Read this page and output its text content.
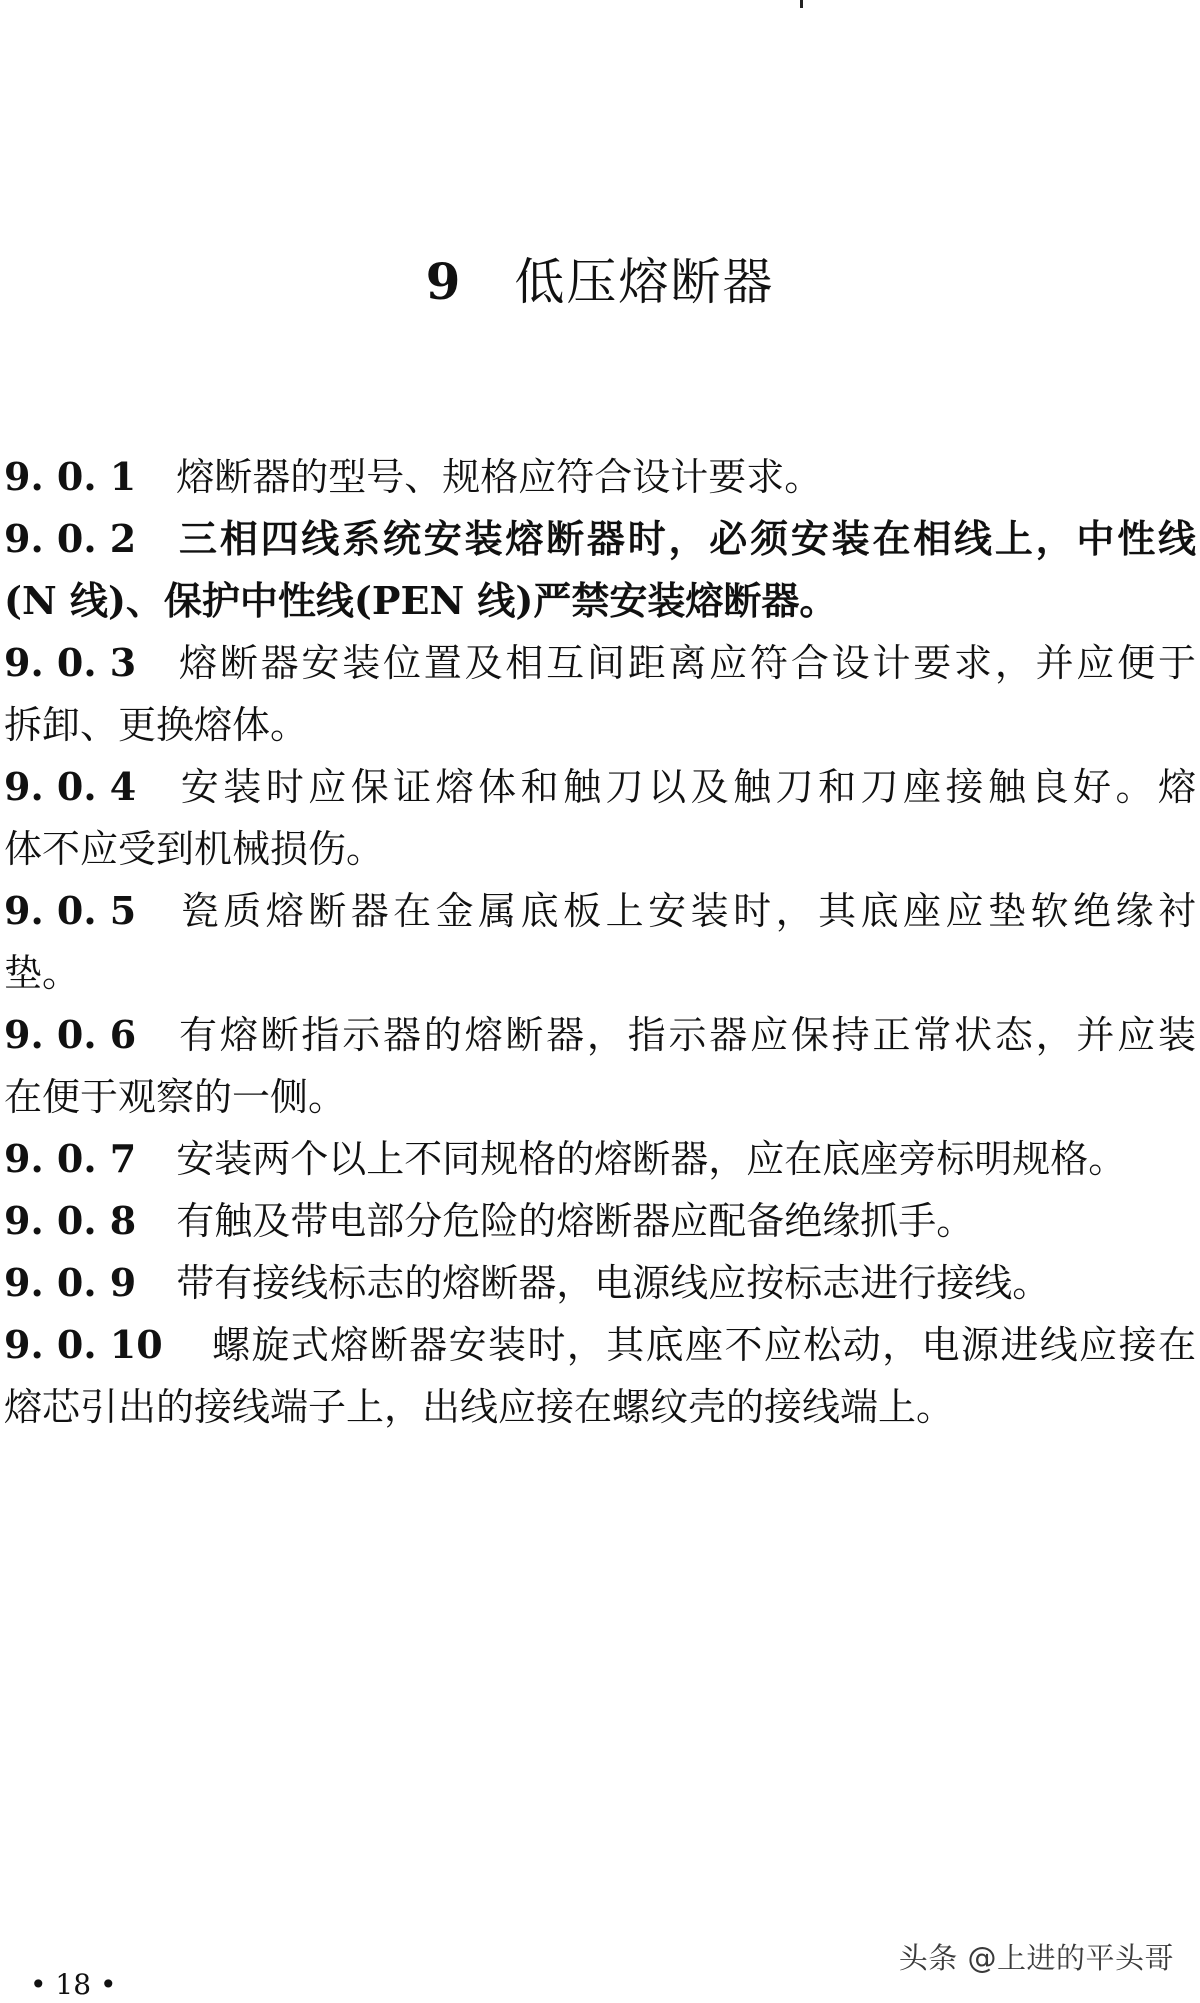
9 低压熔断器
9. 0. 1 熔断器的型号、规格应符合设计要求。
9. 0. 2 三相四线系统安装熔断器时，必须安装在相线上，中性线
(N 线)、保护中性线(PEN 线)严禁安装熔断器。
9. 0. 3 熔断器安装位置及相互间距离应符合设计要求，并应便于
拆卸、更换熔体。
9. 0. 4 安装时应保证熔体和触刀以及触刀和刀座接触良好。熔
体不应受到机械损伤。
9. 0. 5 瓷质熔断器在金属底板上安装时，其底座应垫软绝缘衬
垫。
9. 0. 6 有熔断指示器的熔断器，指示器应保持正常状态，并应装
在便于观察的一侧。
9. 0. 7 安装两个以上不同规格的熔断器，应在底座旁标明规格。
9. 0. 8 有触及带电部分危险的熔断器应配备绝缘抓手。
9. 0. 9 带有接线标志的熔断器，电源线应按标志进行接线。
9. 0. 10 螺旋式熔断器安装时，其底座不应松动，电源进线应接在
熔芯引出的接线端子上，出线应接在螺纹壳的接线端上。
头条 @上进的平头哥
• 18 •
